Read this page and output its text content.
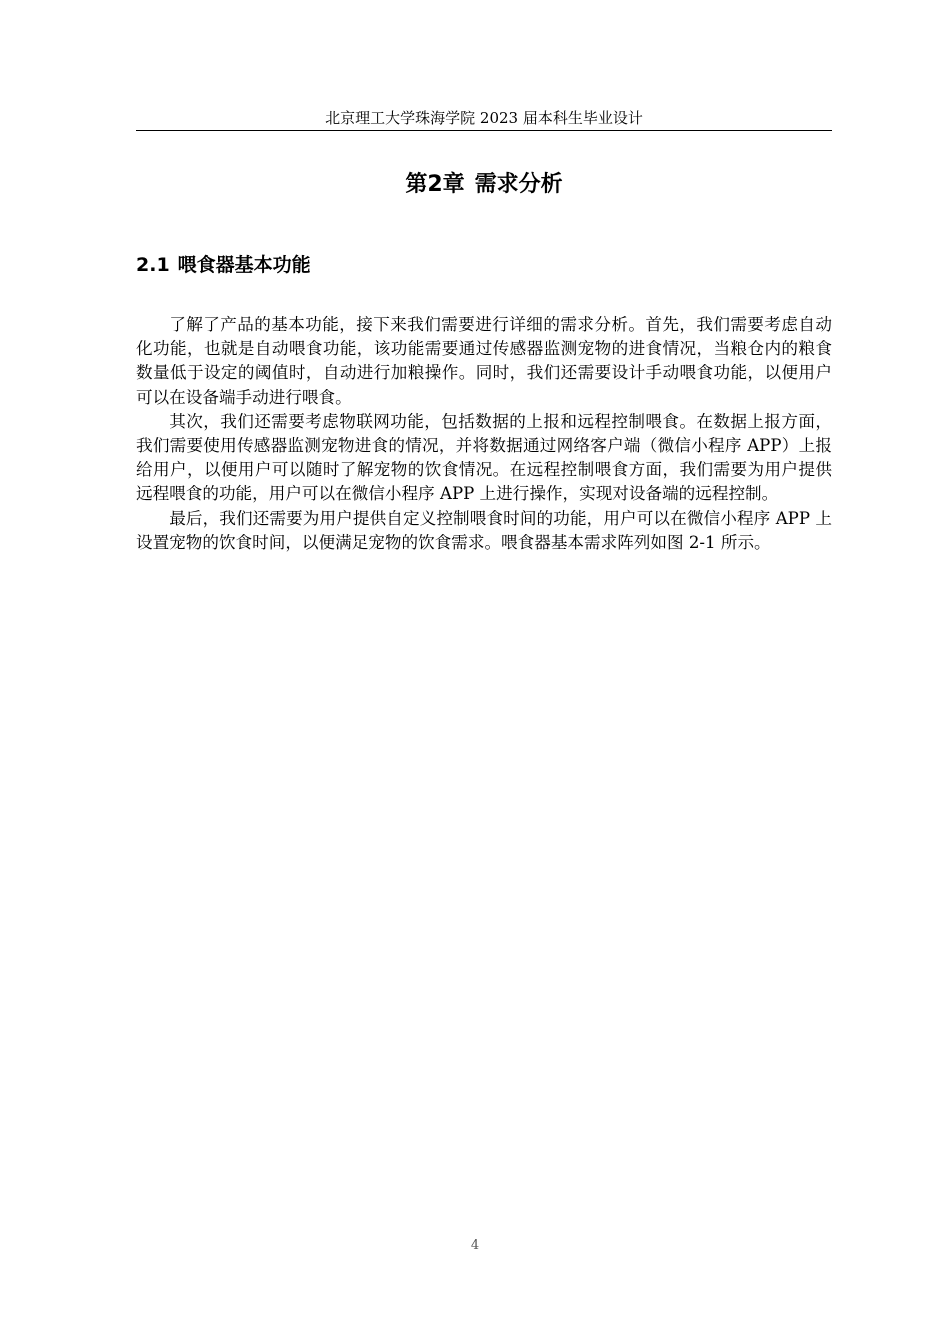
北京理工大学珠海学院 2023 届本科生毕业设计
第2章 需求分析
2.1 喂食器基本功能

了解了产品的基本功能，接下来我们需要进行详细的需求分析。首先，我们需要考虑自动化功能，也就是自动喂食功能，该功能需要通过传感器监测宠物的进食情况，当粮仓内的粮食数量低于设定的阈值时，自动进行加粮操作。同时，我们还需要设计手动喂食功能，以便用户可以在设备端手动进行喂食。

其次，我们还需要考虑物联网功能，包括数据的上报和远程控制喂食。在数据上报方面，我们需要使用传感器监测宠物进食的情况，并将数据通过网络客户端（微信小程序 APP）上报给用户，以便用户可以随时了解宠物的饮食情况。在远程控制喂食方面，我们需要为用户提供远程喂食的功能，用户可以在微信小程序 APP 上进行操作，实现对设备端的远程控制。

最后，我们还需要为用户提供自定义控制喂食时间的功能，用户可以在微信小程序 APP 上设置宠物的饮食时间，以便满足宠物的饮食需求。喂食器基本需求阵列如图 2-1 所示。

4
